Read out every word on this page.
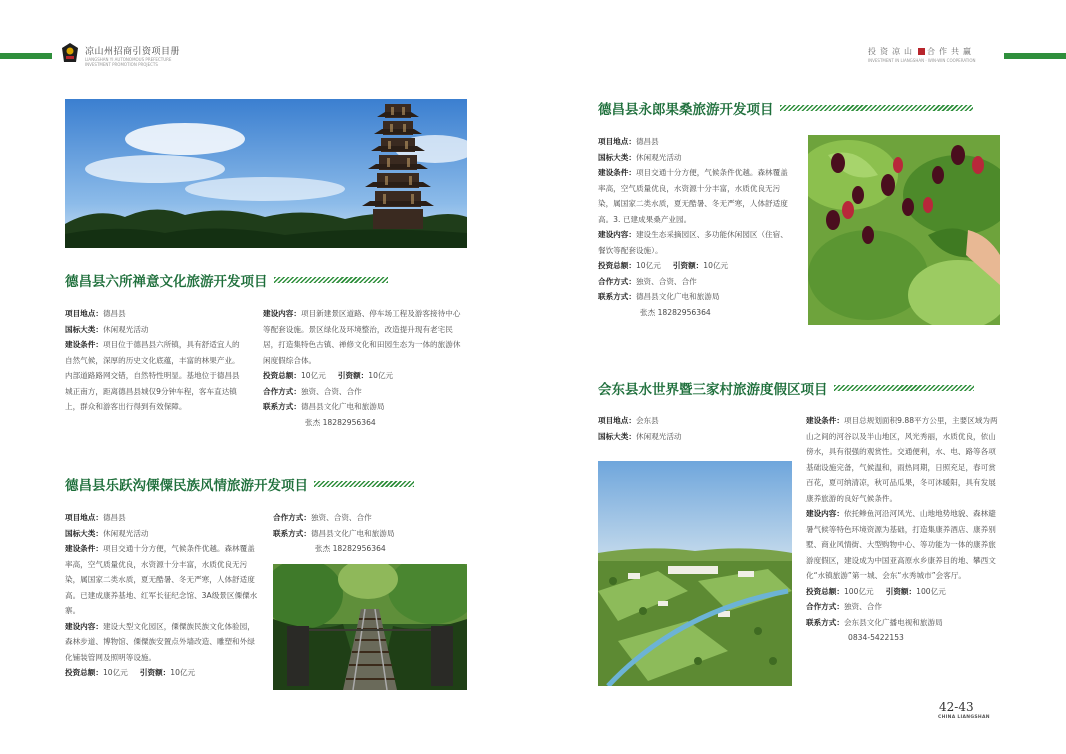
凉山州招商引资项目册
LIANGSHAN YI AUTONOMOUS PREFECTURE INVESTMENT PROMOTION PROJECTS
投资凉山 合作共赢
INVESTMENT IN LIANGSHAN · WIN-WIN COOPERATION
德昌县六所禅意文化旅游开发项目

项目地点：德昌县

国标大类：休闲观光活动

建设条件：项目位于德昌县六所镇，具有舒适宜人的自然气候，深厚的历史文化底蕴，丰富的林果产业。内部道路路网交错，自然特性明显。基地位于德昌县城正南方，距离德昌县城仅9分钟车程，客车直达镇上，群众和游客出行得到有效保障。

建设内容：项目新建景区道路、停车场工程及游客接待中心等配套设施。景区绿化及环境整治，改造提升现有老宅民居，打造集特色古镇、禅修文化和田园生态为一体的旅游休闲度假综合体。

投资总额：10亿元 引资额：10亿元

合作方式：独资、合资、合作

联系方式：德昌县文化广电和旅游局

张杰 18282956364

德昌县乐跃沟傈僳民族风情旅游开发项目

项目地点：德昌县

国标大类：休闲观光活动

建设条件：项目交通十分方便，气候条件优越。森林覆盖率高，空气质量优良，水资源十分丰富，水质优良无污染，属国家二类水质，夏无酷暑、冬无严寒，人体舒适度高。已建成康养基地、红军长征纪念馆、3A级景区傈僳水寨。

建设内容：建设大型文化园区，傈僳族民族文化体验园，森林步道、博物馆、傈僳族安置点外墙改造、雕塑和外绿化铺装管网及照明等设施。

投资总额：10亿元 引资额：10亿元

合作方式：独资、合资、合作

联系方式：德昌县文化广电和旅游局

张杰 18282956364

德昌县永郎果桑旅游开发项目

项目地点：德昌县

国标大类：休闲观光活动

建设条件：项目交通十分方便，气候条件优越。森林覆盖率高，空气质量优良，水资源十分丰富，水质优良无污染，属国家二类水质，夏无酷暑、冬无严寒，人体舒适度高。3. 已建成果桑产业园。

建设内容：建设生态采摘园区、多功能休闲园区（住宿、餐饮等配套设施）。

投资总额：10亿元 引资额：10亿元

合作方式：独资、合资、合作

联系方式：德昌县文化广电和旅游局

张杰 18282956364

会东县水世界暨三家村旅游度假区项目

项目地点：会东县

国标大类：休闲观光活动

建设条件：项目总规划面积9.88平方公里，主要区域为两山之间的河谷以及半山地区，风光秀丽，水质优良，依山傍水，具有很强的观赏性。交通便利，水、电、路等各项基础设施完备，气候温和，雨热同期，日照充足，春可赏百花，夏可纳清凉，秋可品瓜果，冬可沐暖阳，具有发展康养旅游的良好气候条件。

建设内容：依托鲹鱼河沿河风光、山地地势地貌、森林避暑气候等特色环境资源为基础，打造集康养酒店、康养别墅、商业风情街、大型购物中心、等功能为一体的康养旅游度假区，建设成为中国亚高原水乡康养目的地、攀西文化“水镇旅游”第一城、会东“水秀城市”会客厅。

投资总额：100亿元 引资额：100亿元

合作方式：独资、合作

联系方式：会东县文化广播电视和旅游局

0834-5422153

42-43
CHINA LIANGSHAN
